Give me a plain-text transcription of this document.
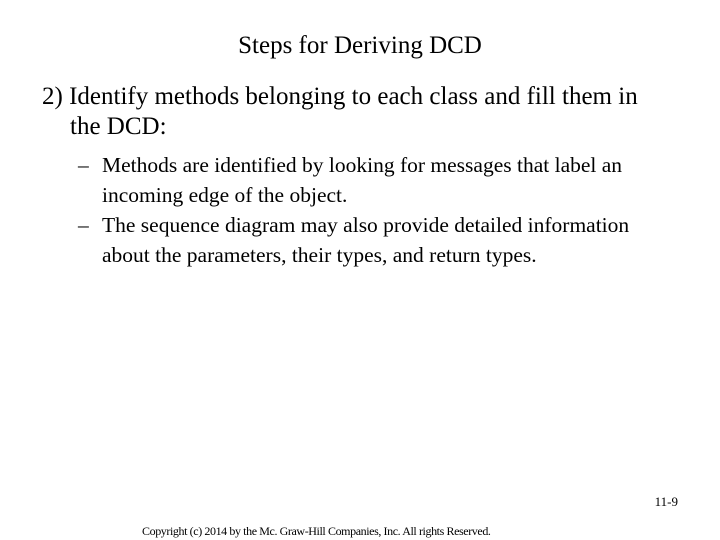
Steps for Deriving DCD
2) Identify methods belonging to each class and fill them in the DCD:
– Methods are identified by looking for messages that label an incoming edge of the object.
– The sequence diagram may also provide detailed information about the parameters, their types, and return types.
11-9
Copyright (c) 2014 by the Mc. Graw-Hill Companies, Inc. All rights Reserved.
